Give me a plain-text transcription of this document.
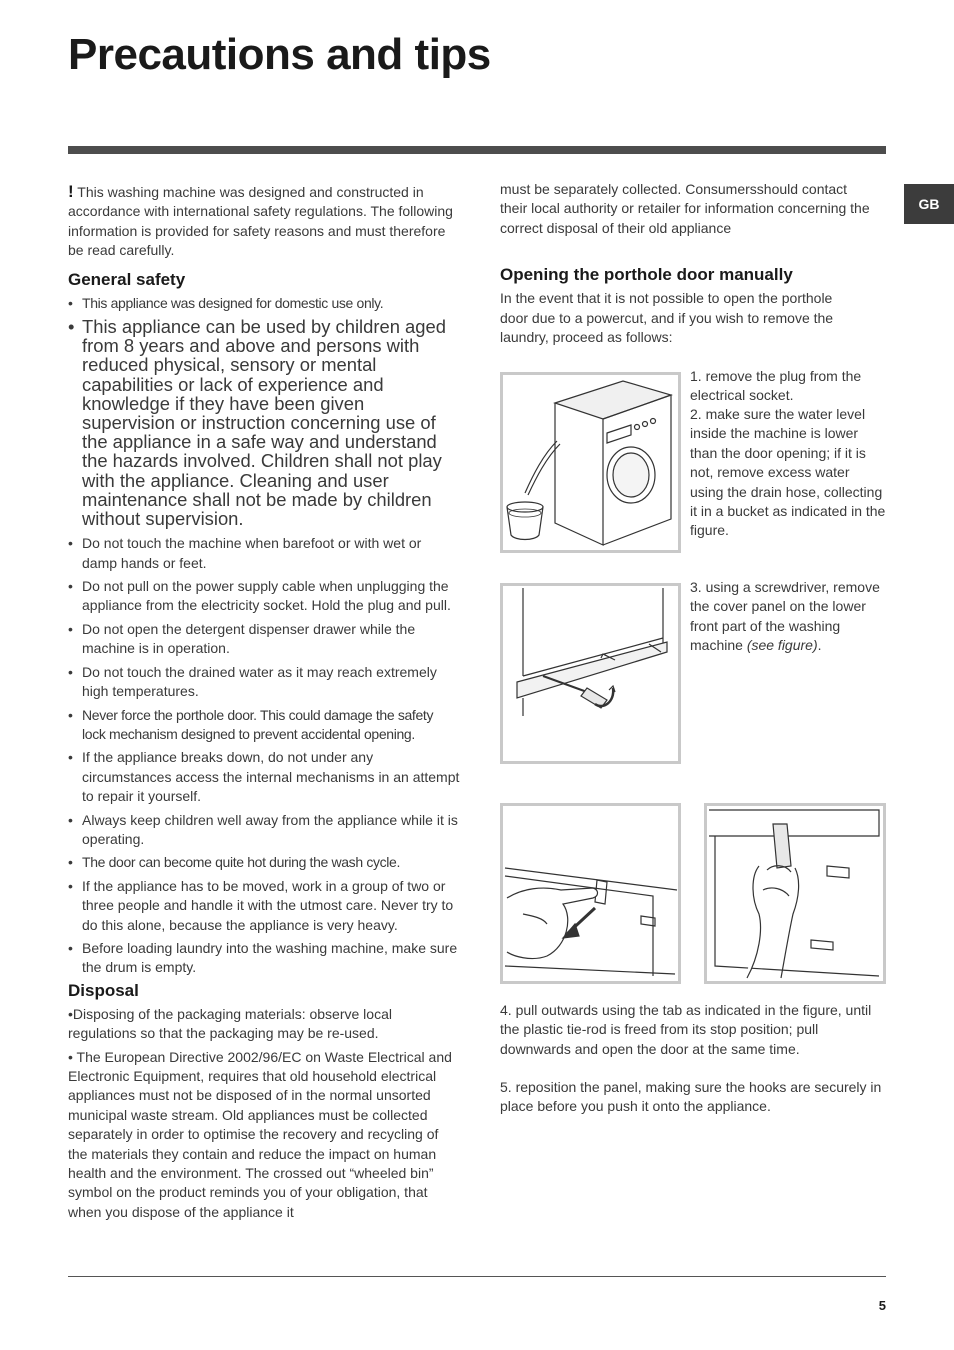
Precautions and tips
GB

! This washing machine was designed and constructed in accordance with international safety regulations. The following information is provided for safety reasons and must therefore be read carefully.

General safety
• This appliance was designed for domestic use only.
• This appliance can be used by children aged from 8 years and above and persons with reduced physical, sensory or mental capabilities or lack of experience and knowledge if they have been given supervision or instruction concerning use of the appliance in a safe way and understand the hazards involved. Children shall not play with the appliance. Cleaning and user maintenance shall not be made by children without supervision.
• Do not touch the machine when barefoot or with wet or damp hands or feet.
• Do not pull on the power supply cable when unplugging the appliance from the electricity socket. Hold the plug and pull.
• Do not open the detergent dispenser drawer while the machine is in operation.
• Do not touch the drained water as it may reach extremely high temperatures.
• Never force the porthole door. This could damage the safety lock mechanism designed to prevent accidental opening.
• If the appliance breaks down, do not under any circumstances access the internal mechanisms in an attempt to repair it yourself.
• Always keep children well away from the appliance while it is operating.
• The door can become quite hot during the wash cycle.
• If the appliance has to be moved, work in a group of two or three people and handle it with the utmost care. Never try to do this alone, because the appliance is very heavy.
• Before loading laundry into the washing machine, make sure the drum is empty.
Disposal

•Disposing of the packaging materials: observe local regulations so that the packaging may be re-used.

• The European Directive 2002/96/EC on Waste Electrical and Electronic Equipment, requires that old household electrical appliances must not be disposed of in the normal unsorted municipal waste stream. Old appliances must be collected separately in order to optimise the recovery and recycling of the materials they contain and reduce the impact on human health and the environment. The crossed out “wheeled bin” symbol on the product reminds you of your obligation, that when you dispose of the appliance it

must be separately collected. Consumersshould contact their local authority or retailer for information concerning the correct disposal of their old appliance

Opening the porthole door manually

In the event that it is not possible to open the porthole door due to a powercut, and if you wish to remove the laundry, proceed as follows:

1. remove the plug from the electrical socket.
2. make sure the water level inside the machine is lower than the door opening; if it is not, remove excess water using the drain hose, collecting it in a bucket as indicated in the figure.
3. using a screwdriver, remove the cover panel on the lower front part of the washing machine (see figure).
4. pull outwards using the tab as indicated in the figure, until the plastic tie-rod is freed from its stop position; pull downwards and open the door at the same time.
5. reposition the panel, making sure the hooks are securely in place before you push it onto the appliance.
5
